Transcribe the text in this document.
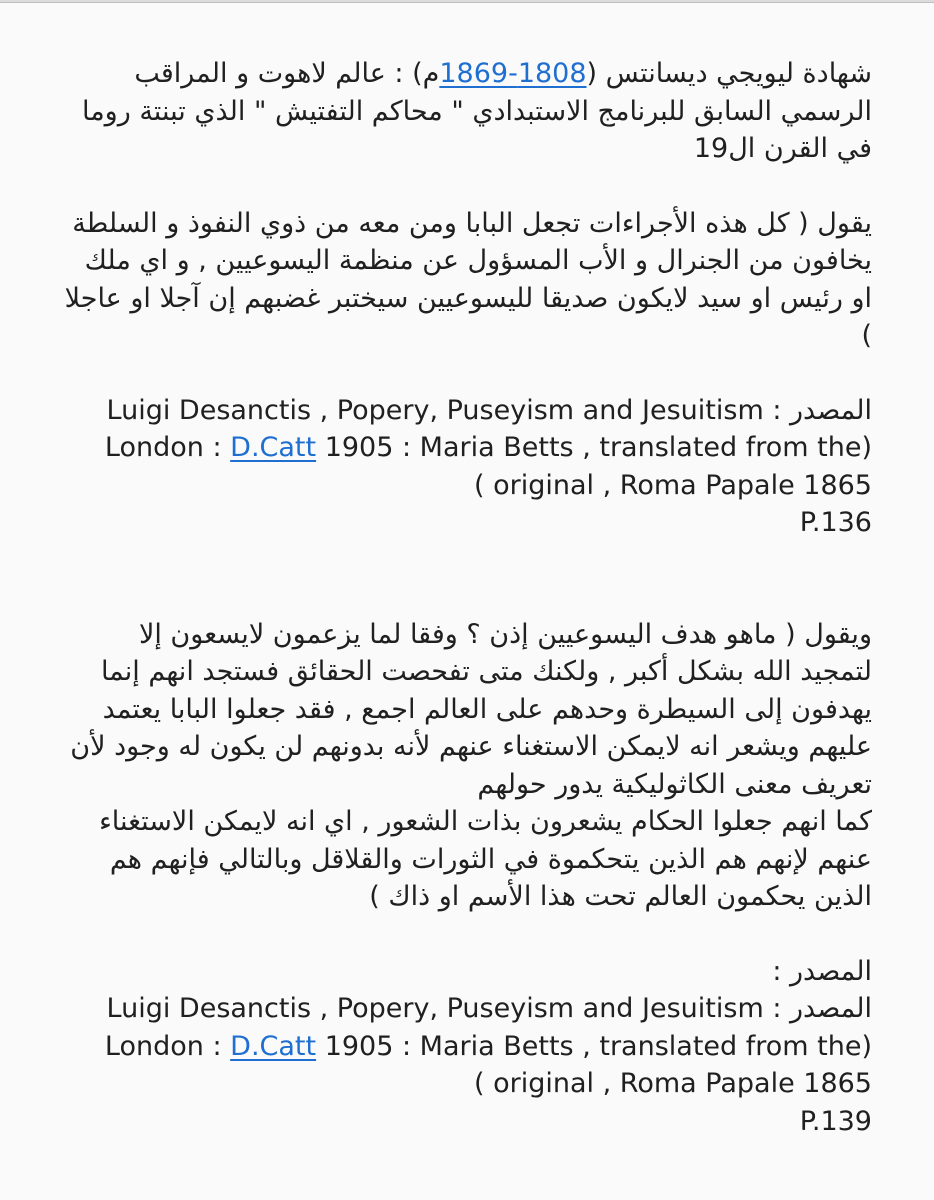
شهادة ليويجي ديسانتس (1808-1869م) : عالم لاهوت و المراقب الرسمي السابق للبرنامج الاستبدادي " محاكم التفتيش " الذي تبنتة روما في القرن ال19

يقول ( كل هذه الأجراءات تجعل البابا ومن معه من ذوي النفوذ و السلطة يخافون من الجنرال و الأب المسؤول عن منظمة اليسوعيين , و اي ملك او رئيس او سيد لايكون صديقا لليسوعيين سيختبر غضبهم إن آجلا او عاجلا )

المصدر : Luigi Desanctis , Popery, Puseyism and Jesuitism

London : D.Catt 1905 : Maria Betts , translated from the)

( original , Roma Papale 1865

P.136

ويقول ( ماهو هدف اليسوعيين إذن ؟ وفقا لما يزعمون لايسعون إلا لتمجيد الله بشكل أكبر , ولكنك متى تفحصت الحقائق فستجد انهم إنما يهدفون إلى السيطرة وحدهم على العالم اجمع , فقد جعلوا البابا يعتمد عليهم ويشعر انه لايمكن الاستغناء عنهم لأنه بدونهم لن يكون له وجود لأن تعريف معنى الكاثوليكية يدور حولهم

كما انهم جعلوا الحكام يشعرون بذات الشعور , اي انه لايمكن الاستغناء عنهم لإنهم هم الذين يتحكموة في الثورات والقلاقل وبالتالي فإنهم هم الذين يحكمون العالم تحت هذا الأسم او ذاك )

المصدر :

المصدر : Luigi Desanctis , Popery, Puseyism and Jesuitism

London : D.Catt 1905 : Maria Betts , translated from the)

( original , Roma Papale 1865

P.139
